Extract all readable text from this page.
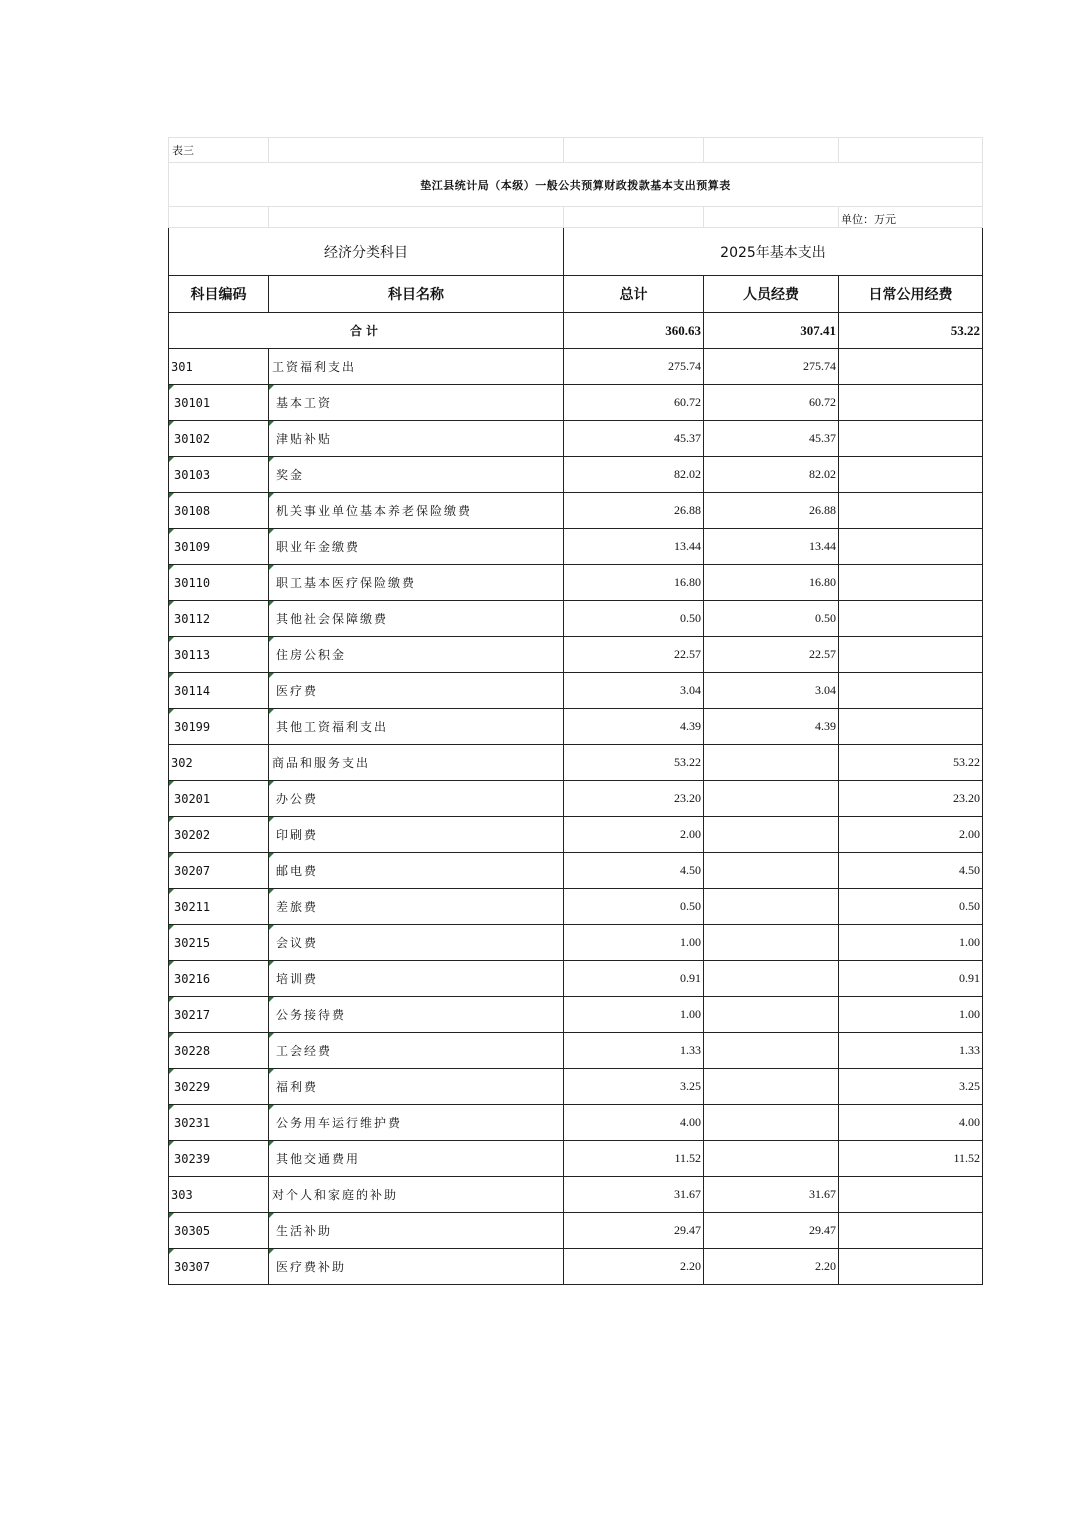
表三				
垫江县统计局（本级）一般公共预算财政拨款基本支出预算表				
				单位：万元
经济分类科目		2025年基本支出		
科目编码	科目名称	总计	人员经费	日常公用经费
合计		360.63	307.41	53.22
301	工资福利支出	275.74	275.74	
30101	基本工资	60.72	60.72	
30102	津贴补贴	45.37	45.37	
30103	奖金	82.02	82.02	
30108	机关事业单位基本养老保险缴费	26.88	26.88	
30109	职业年金缴费	13.44	13.44	
30110	职工基本医疗保险缴费	16.80	16.80	
30112	其他社会保障缴费	0.50	0.50	
30113	住房公积金	22.57	22.57	
30114	医疗费	3.04	3.04	
30199	其他工资福利支出	4.39	4.39	
302	商品和服务支出	53.22		53.22
30201	办公费	23.20		23.20
30202	印刷费	2.00		2.00
30207	邮电费	4.50		4.50
30211	差旅费	0.50		0.50
30215	会议费	1.00		1.00
30216	培训费	0.91		0.91
30217	公务接待费	1.00		1.00
30228	工会经费	1.33		1.33
30229	福利费	3.25		3.25
30231	公务用车运行维护费	4.00		4.00
30239	其他交通费用	11.52		11.52
303	对个人和家庭的补助	31.67	31.67	
30305	生活补助	29.47	29.47	
30307	医疗费补助	2.20	2.20	
